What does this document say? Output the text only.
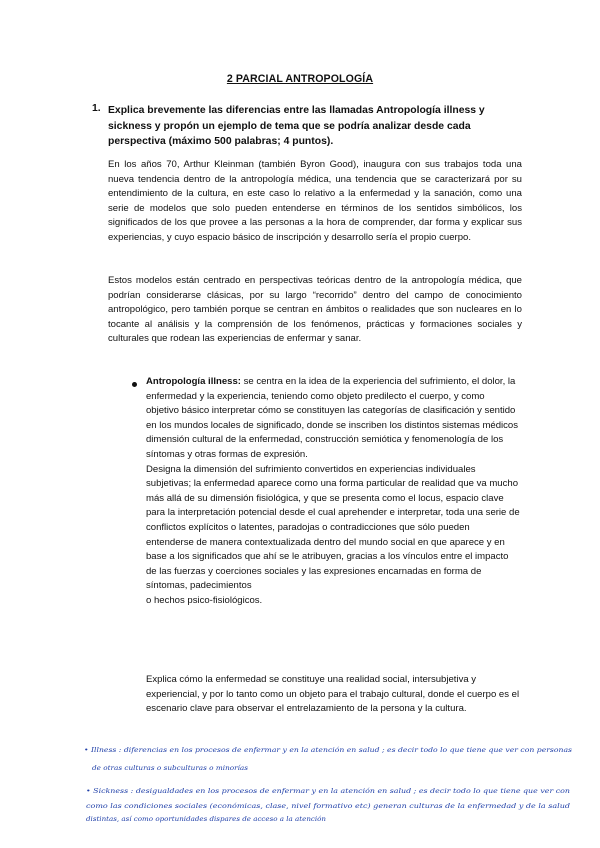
2 PARCIAL ANTROPOLOGÍA
1. Explica brevemente las diferencias entre las llamadas Antropología illness y sickness y propón un ejemplo de tema que se podría analizar desde cada perspectiva (máximo 500 palabras; 4 puntos).
En los años 70, Arthur Kleinman (también Byron Good), inaugura con sus trabajos toda una nueva tendencia dentro de la antropología médica, una tendencia que se caracterizará por su entendimiento de la cultura, en este caso lo relativo a la enfermedad y la sanación, como una serie de modelos que solo pueden entenderse en términos de los sentidos simbólicos, los significados de los que provee a las personas a la hora de comprender, dar forma y explicar sus experiencias, y cuyo espacio básico de inscripción y desarrollo sería el propio cuerpo.
Estos modelos están centrado en perspectivas teóricas dentro de la antropología médica, que podrían considerarse clásicas, por su largo “recorrido” dentro del campo de conocimiento antropológico, pero también porque se centran en ámbitos o realidades que son nucleares en lo tocante al análisis y la comprensión de los fenómenos, prácticas y formaciones sociales y culturales que rodean las experiencias de enfermar y sanar.
Antropología illness: se centra en la idea de la experiencia del sufrimiento, el dolor, la enfermedad y la experiencia, teniendo como objeto predilecto el cuerpo, y como objetivo básico interpretar cómo se constituyen las categorías de clasificación y sentido en los mundos locales de significado, donde se inscriben los distintos sistemas médicos dimensión cultural de la enfermedad, construcción semiótica y fenomenología de los síntomas y otras formas de expresión.
Designa la dimensión del sufrimiento convertidos en experiencias individuales subjetivas; la enfermedad aparece como una forma particular de realidad que va mucho más allá de su dimensión fisiológica, y que se presenta como el locus, espacio clave para la interpretación potencial desde el cual aprehender e interpretar, toda una serie de conflictos explícitos o latentes, paradojas o contradicciones que sólo pueden entenderse de manera contextualizada dentro del mundo social en que aparece y en base a los significados que ahí se le atribuyen, gracias a los vínculos entre el impacto de las fuerzas y coerciones sociales y las expresiones encarnadas en forma de síntomas, padecimientos
o hechos psico-fisiológicos.
Explica cómo la enfermedad se constituye una realidad social, intersubjetiva y experiencial, y por lo tanto como un objeto para el trabajo cultural, donde el cuerpo es el escenario clave para observar el entrelazamiento de la persona y la cultura.
• Illness : diferencias en los procesos de enfermar y en la atención en salud ; es decir todo lo que tiene que ver con personas
de otras culturas o subculturas o minorías
• Sickness : desigualdades en los procesos de enfermar y en la atención en salud ; es decir todo lo que tiene que ver con
como las condiciones sociales (económicas, clase, nivel formativo etc) generan culturas de la enfermedad y de la salud
distintas, así como oportunidades dispares de acceso a la atención
